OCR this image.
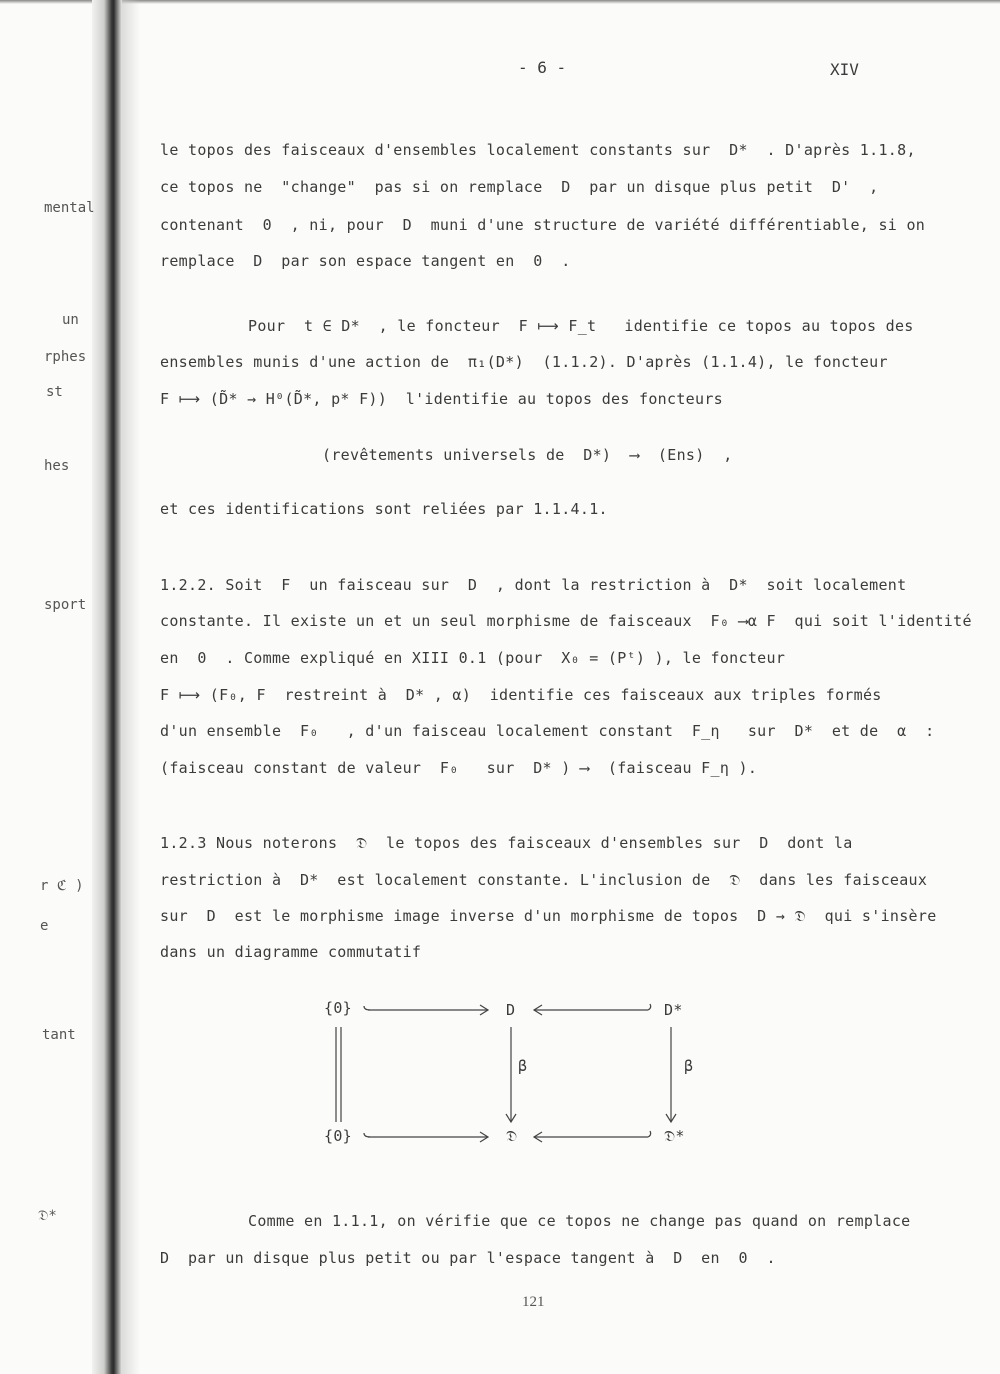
mental
un
rphes
st
hes
sport
r ℭ )
e
tant
𝔇*
- 6 -	XIV
le topos des faisceaux d'ensembles localement constants sur  D*  . D'après 1.1.8,
ce topos ne  "change"  pas si on remplace  D  par un disque plus petit  D'  ,
contenant  0  , ni, pour  D  muni d'une structure de variété différentiable, si on
remplace  D  par son espace tangent en  0  .
Pour  t ∈ D*  , le foncteur  F ⟼ F_t   identifie ce topos au topos des
ensembles munis d'une action de  π₁(D*)  (1.1.2). D'après (1.1.4), le foncteur
F ⟼ (D̃* → H⁰(D̃*, p* F))  l'identifie au topos des foncteurs
(revêtements universels de  D*)  ⟶  (Ens)  ,
et ces identifications sont reliées par 1.1.4.1.
1.2.2. Soit  F  un faisceau sur  D  , dont la restriction à  D*  soit localement
constante. Il existe un et un seul morphisme de faisceaux  F₀ ⟶α F  qui soit l'identité
en  0  . Comme expliqué en XIII 0.1 (pour  X₀ = (Pᵗ) ), le foncteur
F ⟼ (F₀, F  restreint à  D* , α)  identifie ces faisceaux aux triples formés
d'un ensemble  F₀   , d'un faisceau localement constant  F_η   sur  D*  et de  α  :
(faisceau constant de valeur  F₀   sur  D* ) ⟶  (faisceau F_η ).
1.2.3 Nous noterons  𝔇  le topos des faisceaux d'ensembles sur  D  dont la
restriction à  D*  est localement constante. L'inclusion de  𝔇  dans les faisceaux
sur  D  est le morphisme image inverse d'un morphisme de topos  D → 𝔇  qui s'insère
dans un diagramme commutatif
{0}	D	D*
{0}	𝔇	𝔇*
β	β
Comme en 1.1.1, on vérifie que ce topos ne change pas quand on remplace
D  par un disque plus petit ou par l'espace tangent à  D  en  0  .
121
